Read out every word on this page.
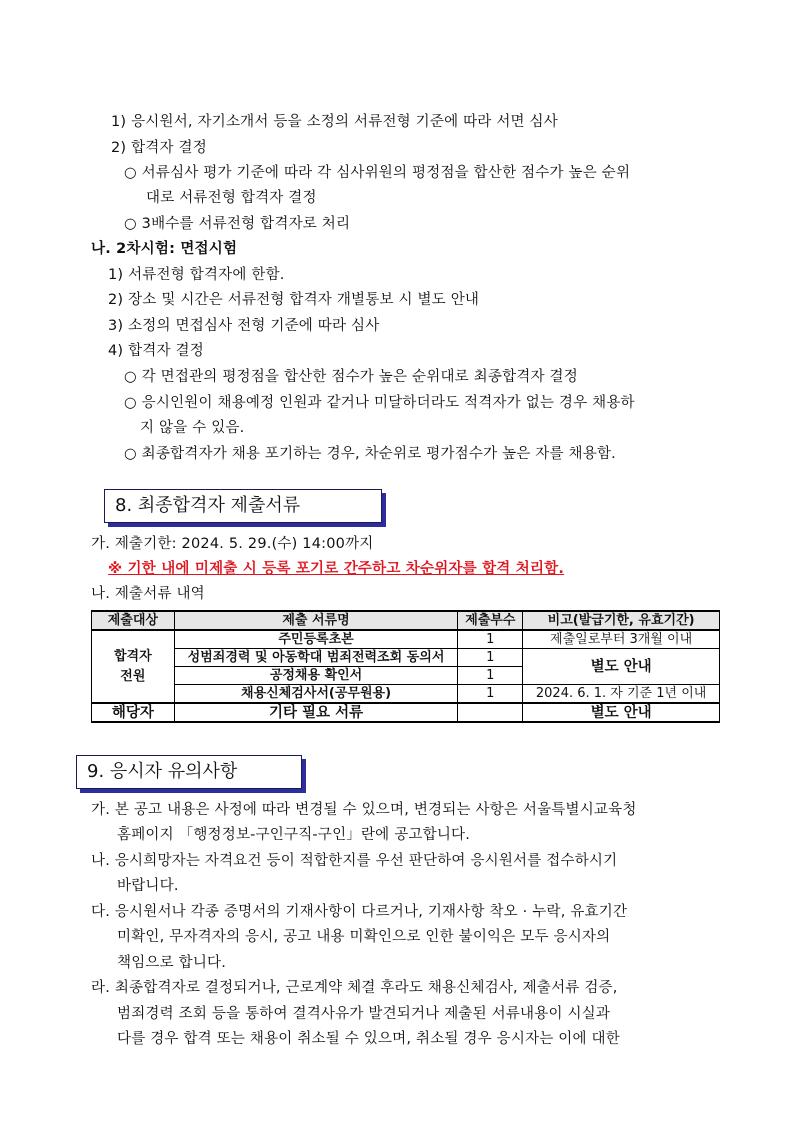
1) 응시원서, 자기소개서 등을 소정의 서류전형 기준에 따라 서면 심사
2) 합격자 결정
○ 서류심사 평가 기준에 따라 각 심사위원의 평정점을 합산한 점수가 높은 순위
대로 서류전형 합격자 결정
○ 3배수를 서류전형 합격자로 처리
나. 2차시험: 면접시험
1) 서류전형 합격자에 한함.
2) 장소 및 시간은 서류전형 합격자 개별통보 시 별도 안내
3) 소정의 면접심사 전형 기준에 따라 심사
4) 합격자 결정
○ 각 면접관의 평정점을 합산한 점수가 높은 순위대로 최종합격자 결정
○ 응시인원이 채용예정 인원과 같거나 미달하더라도 적격자가 없는 경우 채용하
지 않을 수 있음.
○ 최종합격자가 채용 포기하는 경우, 차순위로 평가점수가 높은 자를 채용함.
8. 최종합격자 제출서류
가. 제출기한: 2024. 5. 29.(수) 14:00까지
※ 기한 내에 미제출 시 등록 포기로 간주하고 차순위자를 합격 처리함.
나. 제출서류 내역
제출대상	제출 서류명	제출부수	비고(발급기한, 유효기간)
합격자
전원	주민등록초본	1	제출일로부터 3개월 이내
	성범죄경력 및 아동학대 범죄전력조회 동의서	1	별도 안내
	공정채용 확인서	1	
	채용신체검사서(공무원용)	1	2024. 6. 1. 자 기준 1년 이내
해당자	기타 필요 서류		별도 안내
9. 응시자 유의사항
가. 본 공고 내용은 사정에 따라 변경될 수 있으며, 변경되는 사항은 서울특별시교육청
홈페이지 「행정정보-구인구직-구인」란에 공고합니다.
나. 응시희망자는 자격요건 등이 적합한지를 우선 판단하여 응시원서를 접수하시기
바랍니다.
다. 응시원서나 각종 증명서의 기재사항이 다르거나, 기재사항 착오 · 누락, 유효기간
미확인, 무자격자의 응시, 공고 내용 미확인으로 인한 불이익은 모두 응시자의
책임으로 합니다.
라. 최종합격자로 결정되거나, 근로계약 체결 후라도 채용신체검사, 제출서류 검증,
범죄경력 조회 등을 통하여 결격사유가 발견되거나 제출된 서류내용이 시실과
다를 경우 합격 또는 채용이 취소될 수 있으며, 취소될 경우 응시자는 이에 대한
